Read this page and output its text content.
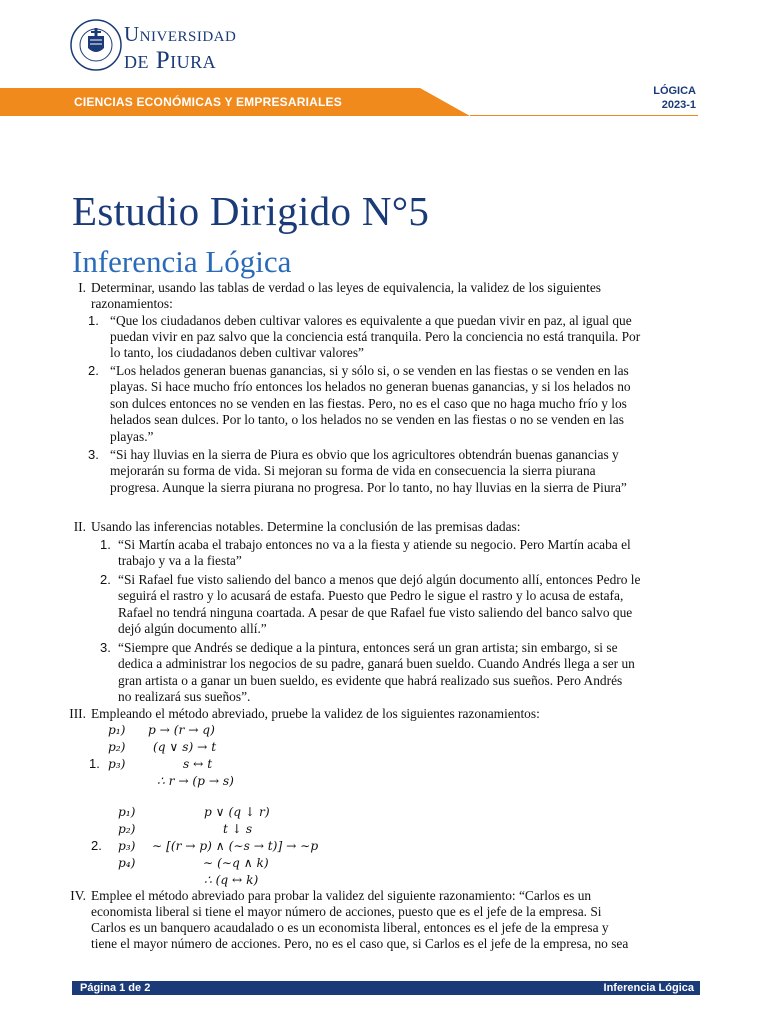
Universidad
de Piura
CIENCIAS ECONÓMICAS Y EMPRESARIALES
LÓGICA
2023-1
Estudio Dirigido N°5
Inferencia Lógica
I. Determinar, usando las tablas de verdad o las leyes de equivalencia, la validez de los siguientes
razonamientos:
1. “Que los ciudadanos deben cultivar valores es equivalente a que puedan vivir en paz, al igual que
puedan vivir en paz salvo que la conciencia está tranquila. Pero la conciencia no está tranquila. Por
lo tanto, los ciudadanos deben cultivar valores”
2. “Los helados generan buenas ganancias, si y sólo si, o se venden en las fiestas o se venden en las
playas. Si hace mucho frío entonces los helados no generan buenas ganancias, y si los helados no
son dulces entonces no se venden en las fiestas. Pero, no es el caso que no haga mucho frío y los
helados sean dulces. Por lo tanto, o los helados no se venden en las fiestas o no se venden en las
playas.”
3. “Si hay lluvias en la sierra de Piura es obvio que los agricultores obtendrán buenas ganancias y
mejorarán su forma de vida. Si mejoran su forma de vida en consecuencia la sierra piurana
progresa. Aunque la sierra piurana no progresa. Por lo tanto, no hay lluvias en la sierra de Piura”
II. Usando las inferencias notables. Determine la conclusión de las premisas dadas:
1. “Si Martín acaba el trabajo entonces no va a la fiesta y atiende su negocio. Pero Martín acaba el
trabajo y va a la fiesta”
2. “Si Rafael fue visto saliendo del banco a menos que dejó algún documento allí, entonces Pedro le
seguirá el rastro y lo acusará de estafa. Puesto que Pedro le sigue el rastro y lo acusa de estafa,
Rafael no tendrá ninguna coartada. A pesar de que Rafael fue visto saliendo del banco salvo que
dejó algún documento allí.”
3. “Siempre que Andrés se dedique a la pintura, entonces será un gran artista; sin embargo, si se
dedica a administrar los negocios de su padre, ganará buen sueldo. Cuando Andrés llega a ser un
gran artista o a ganar un buen sueldo, es evidente que habrá realizado sus sueños. Pero Andrés
no realizará sus sueños”.
III. Empleando el método abreviado, pruebe la validez de los siguientes razonamientos:
p₁) p → (r → q)
p₂) (q ∨ s) → t
1. p₃)	s ↔ t
∴ r → (p → s)
p₁)	p ∨ (q ↓ r)
p₂)	t ↓ s
2. p₃) ∼ [(r → p) ∧ (∼s → t)] → ∼p
p₄)	∼ (∼q ∧ k)
∴ (q ↔ k)
IV. Emplee el método abreviado para probar la validez del siguiente razonamiento: “Carlos es un
economista liberal si tiene el mayor número de acciones, puesto que es el jefe de la empresa. Si
Carlos es un banquero acaudalado o es un economista liberal, entonces es el jefe de la empresa y
tiene el mayor número de acciones. Pero, no es el caso que, si Carlos es el jefe de la empresa, no sea
Página 1 de 2	Inferencia Lógica
